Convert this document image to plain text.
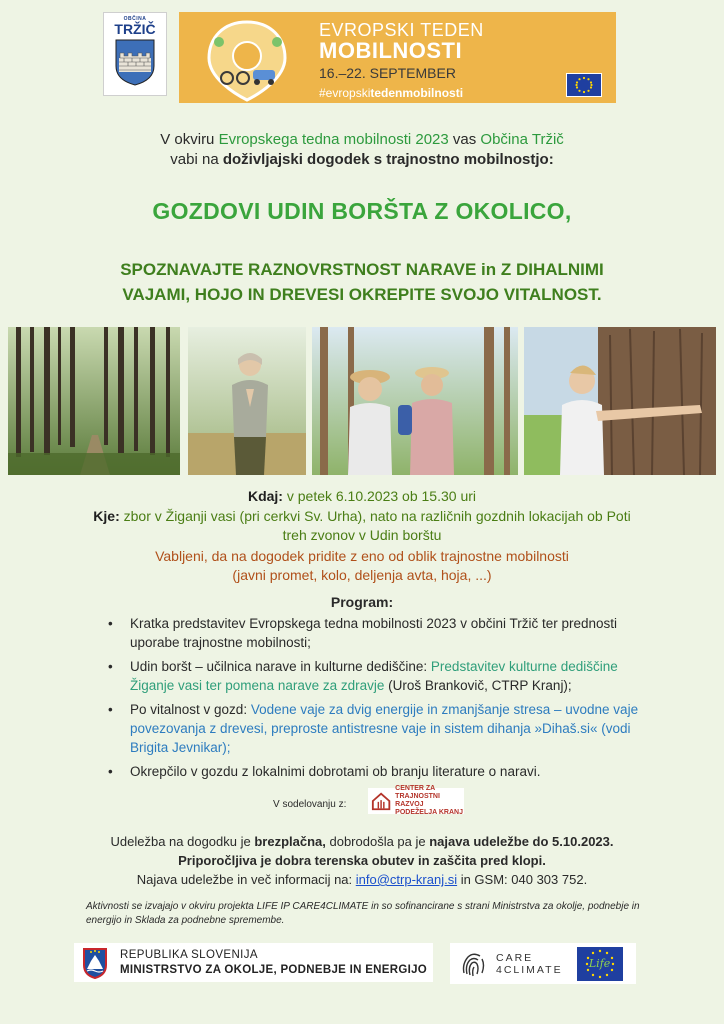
OBČINA
TRŽIČ	EVROPSKI TEDEN
MOBILNOSTI
16.–22. SEPTEMBER
#evropskitedenmobilnosti
V okviru Evropskega tedna mobilnosti 2023 vas Občina Tržič
vabi na doživljajski dogodek s trajnostno mobilnostjo:
GOZDOVI UDIN BORŠTA Z OKOLICO,
SPOZNAVAJTE RAZNOVRSTNOST NARAVE in Z DIHALNIMI
VAJAMI, HOJO IN DREVESI OKREPITE SVOJO VITALNOST.
Kdaj: v petek 6.10.2023 ob 15.30 uri
Kje: zbor v Žiganji vasi (pri cerkvi Sv. Urha), nato na različnih gozdnih lokacijah ob Poti treh zvonov v Udin borštu
Vabljeni, da na dogodek pridite z eno od oblik trajnostne mobilnosti
(javni promet, kolo, deljenja avta, hoja, ...)
Program:
• Kratka predstavitev Evropskega tedna mobilnosti 2023 v občini Tržič ter prednosti uporabe trajnostne mobilnosti;
• Udin boršt – učilnica narave in kulturne dediščine: Predstavitev kulturne dediščine Žiganje vasi ter pomena narave za zdravje (Uroš Brankovič, CTRP Kranj);
• Po vitalnost v gozd: Vodene vaje za dvig energije in zmanjšanje stresa – uvodne vaje povezovanja z drevesi, preproste antistresne vaje in sistem dihanja »Dihaš.si« (vodi Brigita Jevnikar);
• Okrepčilo v gozdu z lokalnimi dobrotami ob branju literature o naravi.
V sodelovanju z:
CENTER ZA
TRAJNOSTNI RAZVOJ
PODEŽELJA KRANJ
Udeležba na dogodku je brezplačna, dobrodošla pa je najava udeležbe do 5.10.2023.
Priporočljiva je dobra terenska obutev in zaščita pred klopi.
Najava udeležbe in več informacij na: info@ctrp-kranj.si in GSM: 040 303 752.
Aktivnosti se izvajajo v okviru projekta LIFE IP CARE4CLIMATE in so sofinancirane s strani Ministrstva za okolje, podnebje in energijo in Sklada za podnebne spremembe.
REPUBLIKA SLOVENIJA
MINISTRSTVO ZA OKOLJE, PODNEBJE IN ENERGIJO
CARE
4CLIMATE	Life
